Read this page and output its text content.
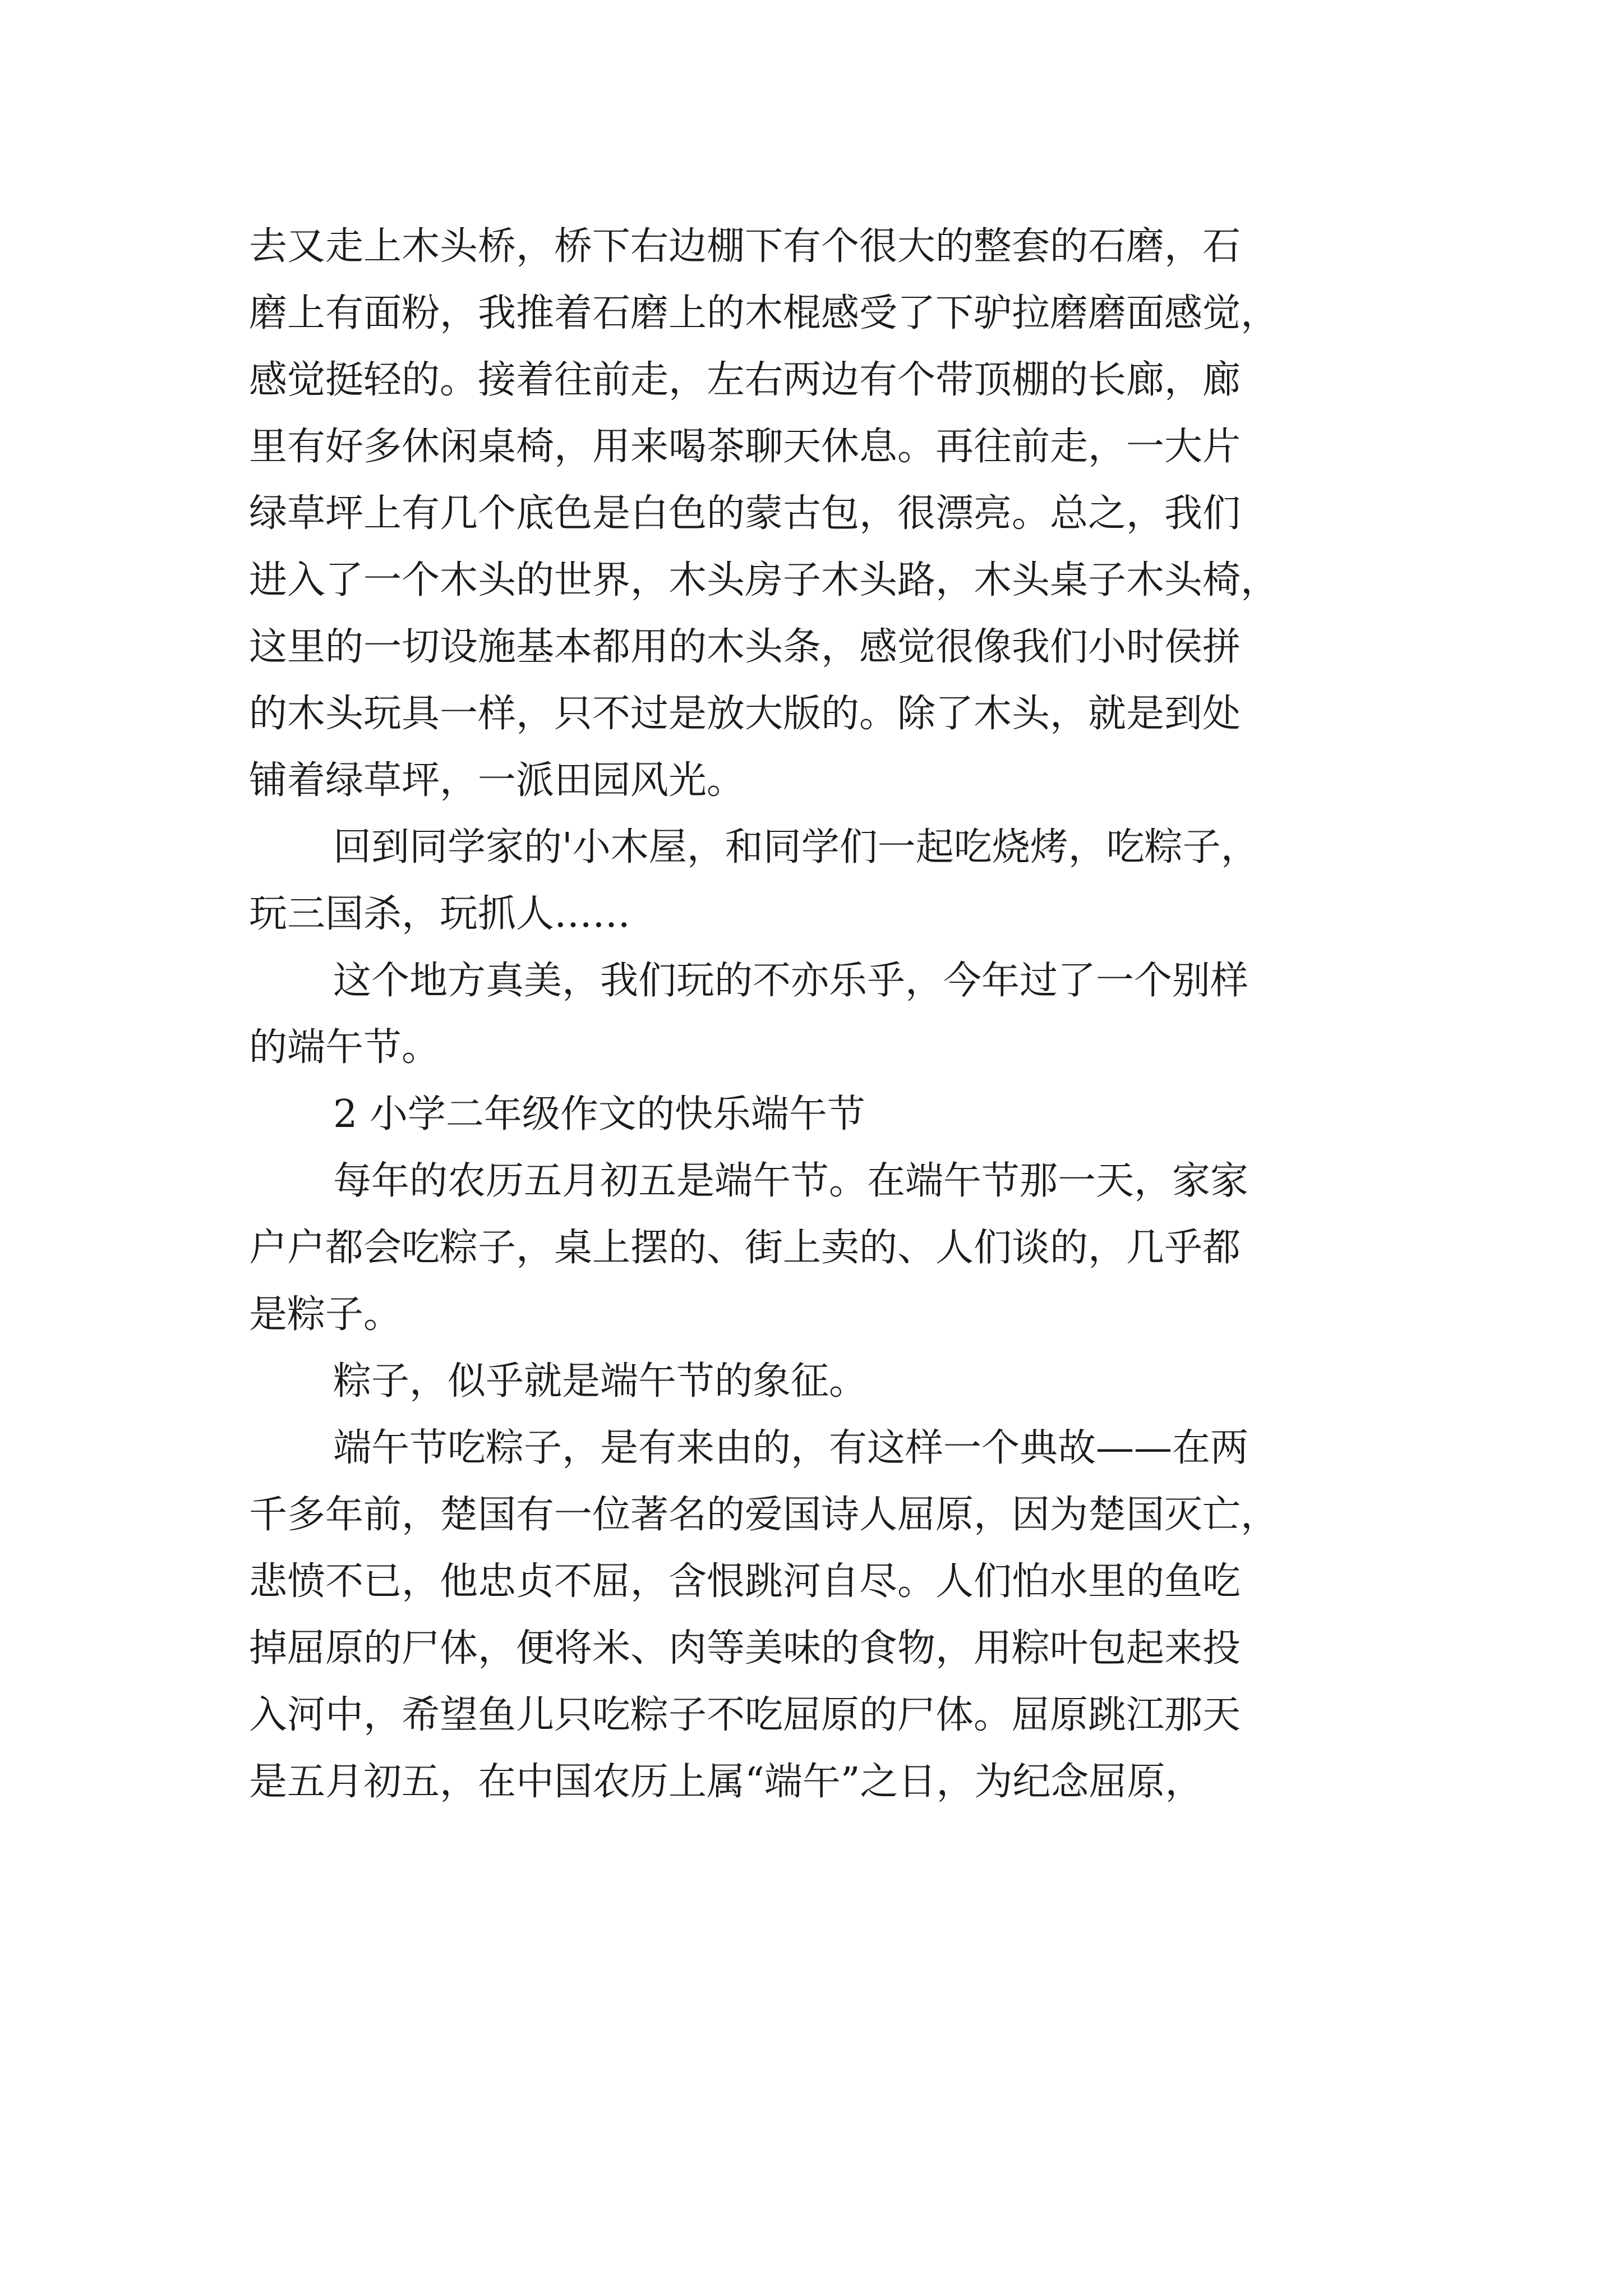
去又走上木头桥，桥下右边棚下有个很大的整套的石磨，石
磨上有面粉，我推着石磨上的木棍感受了下驴拉磨磨面感觉，
感觉挺轻的。接着往前走，左右两边有个带顶棚的长廊，廊
里有好多休闲桌椅，用来喝茶聊天休息。再往前走，一大片
绿草坪上有几个底色是白色的蒙古包，很漂亮。总之，我们
进入了一个木头的世界，木头房子木头路，木头桌子木头椅，
这里的一切设施基本都用的木头条，感觉很像我们小时侯拼
的木头玩具一样，只不过是放大版的。除了木头，就是到处
铺着绿草坪，一派田园风光。
回到同学家的'小木屋，和同学们一起吃烧烤，吃粽子，
玩三国杀，玩抓人……
这个地方真美，我们玩的不亦乐乎，今年过了一个别样
的端午节。
2 小学二年级作文的快乐端午节
每年的农历五月初五是端午节。在端午节那一天，家家
户户都会吃粽子，桌上摆的、街上卖的、人们谈的，几乎都
是粽子。
粽子，似乎就是端午节的象征。
端午节吃粽子，是有来由的，有这样一个典故——在两
千多年前，楚国有一位著名的爱国诗人屈原，因为楚国灭亡，
悲愤不已，他忠贞不屈，含恨跳河自尽。人们怕水里的鱼吃
掉屈原的尸体，便将米、肉等美味的食物，用粽叶包起来投
入河中，希望鱼儿只吃粽子不吃屈原的尸体。屈原跳江那天
是五月初五，在中国农历上属“端午”之日，为纪念屈原，
